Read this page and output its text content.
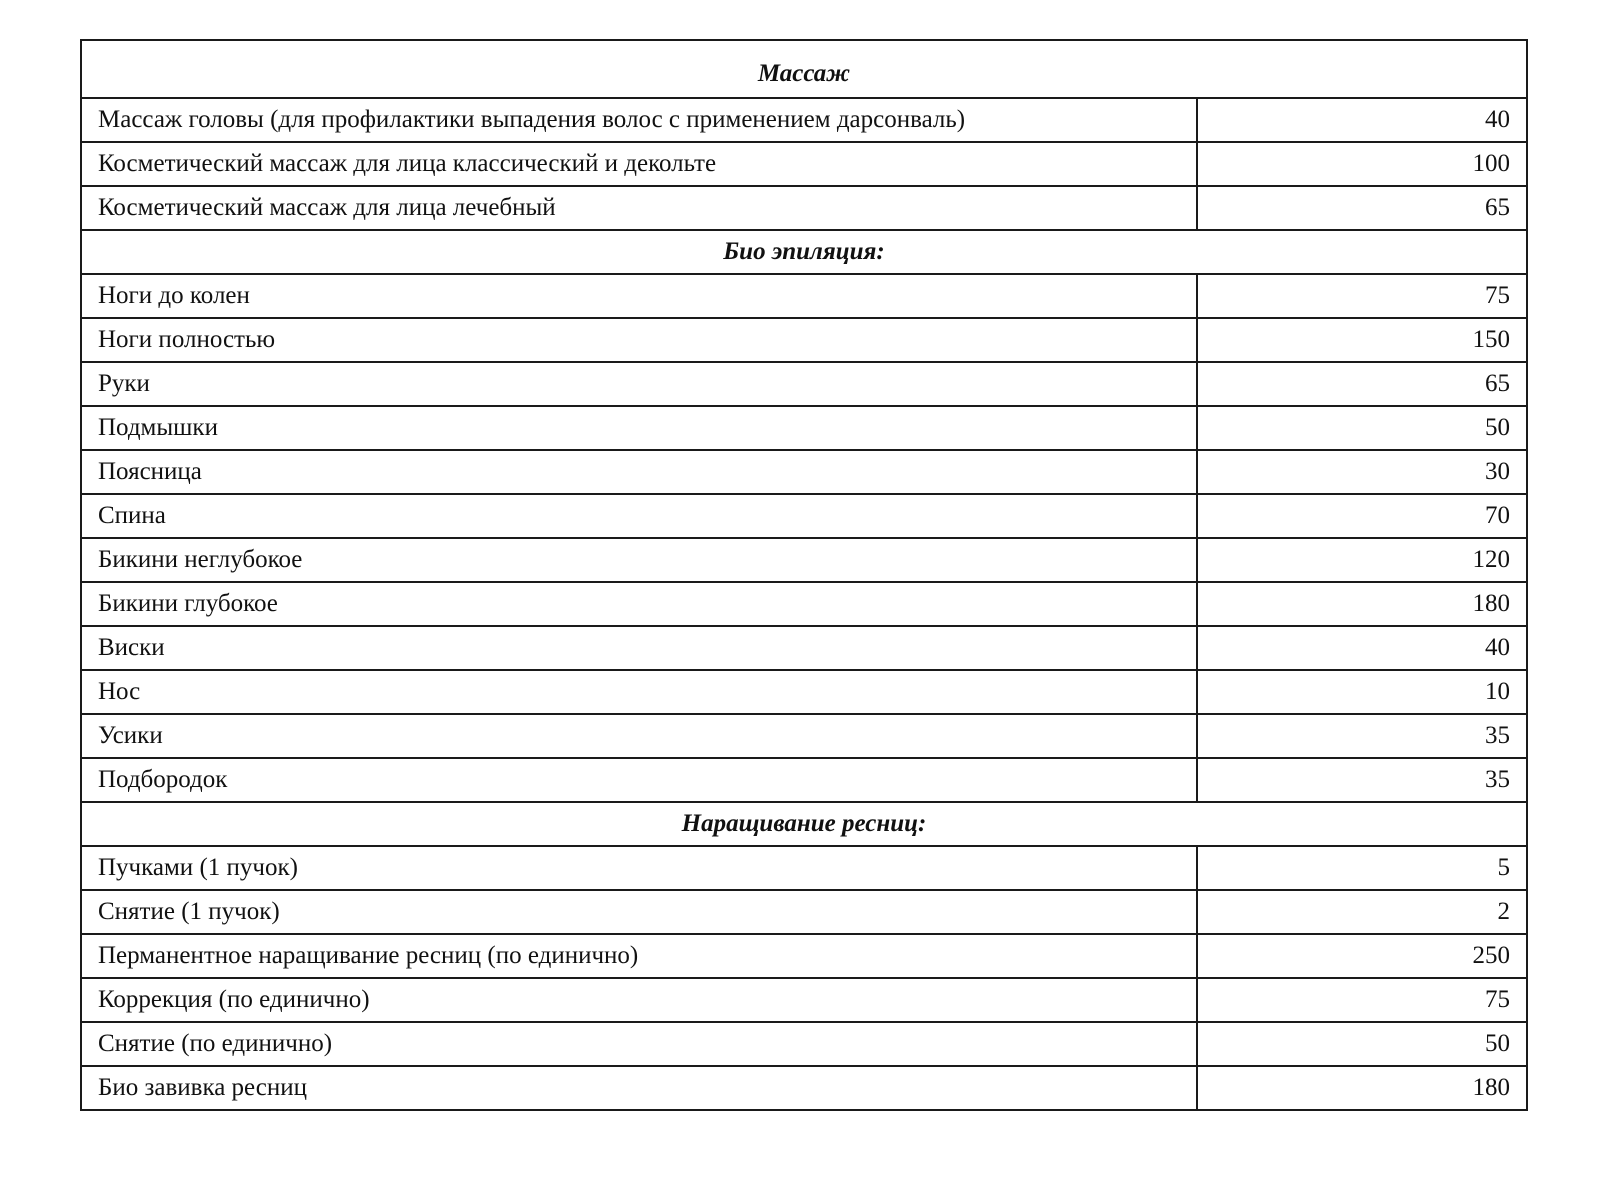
Массаж	
Массаж головы (для профилактики выпадения волос с применением дарсонваль)	40
Косметический массаж для лица классический и декольте	100
Косметический массаж для лица лечебный	65
Био эпиляция:	
Ноги до колен	75
Ноги полностью	150
Руки	65
Подмышки	50
Поясница	30
Спина	70
Бикини неглубокое	120
Бикини глубокое	180
Виски	40
Нос	10
Усики	35
Подбородок	35
Наращивание ресниц:	
Пучками (1 пучок)	5
Снятие (1 пучок)	2
Перманентное наращивание ресниц (по единично)	250
Коррекция (по единично)	75
Снятие (по единично)	50
Био завивка ресниц	180
